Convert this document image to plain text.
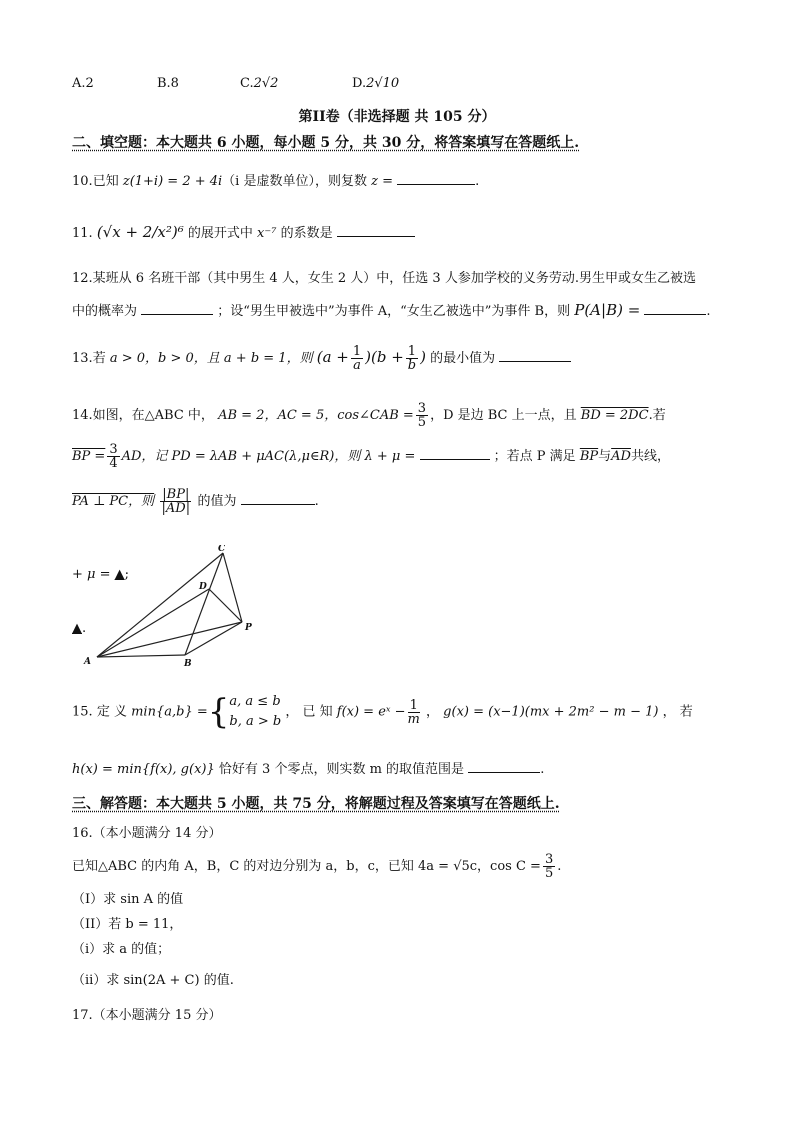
A.2	B.8	C.2√2	D.2√10
第II卷（非选择题 共 105 分）
二、填空题：本大题共 6 小题，每小题 5 分，共 30 分，将答案填写在答题纸上.
10.已知 z(1+i) = 2 + 4i（i 是虚数单位），则复数 z =	.
11. (√x + 2/x²)⁶ 的展开式中 x⁻⁷ 的系数是
12.某班从 6 名班干部（其中男生 4 人，女生 2 人）中，任选 3 人参加学校的义务劳动.男生甲或女生乙被选
中的概率为	；设“男生甲被选中”为事件 A，“女生乙被选中”为事件 B，则 P(A|B) =	.
13.若 a > 0，b > 0，且 a + b = 1，则 $(a + \frac{1}{a} )(b + \frac{1}{b}$ ) 的最小值为
14.如图，在△ABC 中， AB = 2，AC = 5，cos∠CAB = $\frac{3}{5}$ ，D 是边 BC 上一点，且 BD = 2DC.若
BP = $\frac{3}{4}$ AD，记 PD = λAB + μAC(λ,μ∈R)，则 λ + μ =	；若点 P 满足 $\overline{BP}$与$\overline{AD}$共线，
PA ⊥ PC，则 $\frac{|BP|}{|AD|}$ 的值为	.
+ μ = ▲;
▲.
A	B
C
D
P
15. 定 义 min{a,b} ={ a, a ≤ b
b, a > b
， 已 知 f(x) = eˣ − $\frac{1}{m}$ ， g(x) = (x−1)(mx + 2m² − m − 1) ， 若
h(x) = min{f(x), g(x)} 恰好有 3 个零点，则实数 m 的取值范围是	.
三、解答题：本大题共 5 小题，共 75 分，将解题过程及答案填写在答题纸上.
16.（本小题满分 14 分）
已知△ABC 的内角 A，B，C 的对边分别为 a，b，c，已知 4a = √5c，$\cos C = \frac{3}{5}$ .
（I）求 sin A 的值
（II）若 b = 11，
（i）求 a 的值；
（ii）求 sin(2A + C) 的值.
17.（本小题满分 15 分）
